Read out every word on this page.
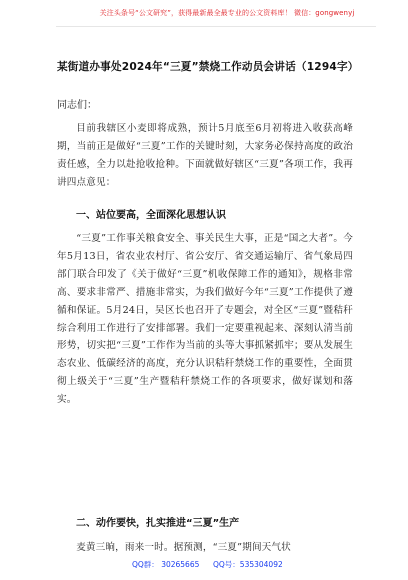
关注头条号“公文研究”，获得最新最全最专业的公文资料库！ 微信：gongwenyj
某街道办事处2024年“三夏”禁烧工作动员会讲话（1294字）
同志们：
目前我辖区小麦即将成熟，预计5月底至6月初将进入收获高峰期，当前正是做好“三夏”工作的关键时刻，大家务必保持高度的政治责任感，全力以赴抢收抢种。下面就做好辖区“三夏”各项工作，我再讲四点意见：
一、站位要高，全面深化思想认识
“三夏”工作事关粮食安全、事关民生大事，正是“国之大者”。今年5月13日，省农业农村厅、省公安厅、省交通运输厅、省气象局四部门联合印发了《关于做好“三夏”机收保障工作的通知》，规格非常高、要求非常严、措施非常实，为我们做好今年“三夏”工作提供了遵循和保证。5月24日，吴区长也召开了专题会，对全区“三夏”暨秸秆综合利用工作进行了安排部署。我们一定要重视起来、深刻认清当前形势，切实把“三夏”工作作为当前的头等大事抓紧抓牢；要从发展生态农业、低碳经济的高度，充分认识秸秆禁烧工作的重要性，全面贯彻上级关于“三夏”生产暨秸秆禁烧工作的各项要求，做好谋划和落实。
二、动作要快，扎实推进“三夏”生产
麦黄三晌，雨来一时。据预测，“三夏”期间天气状
QQ群： 30265665 QQ号：535304092
